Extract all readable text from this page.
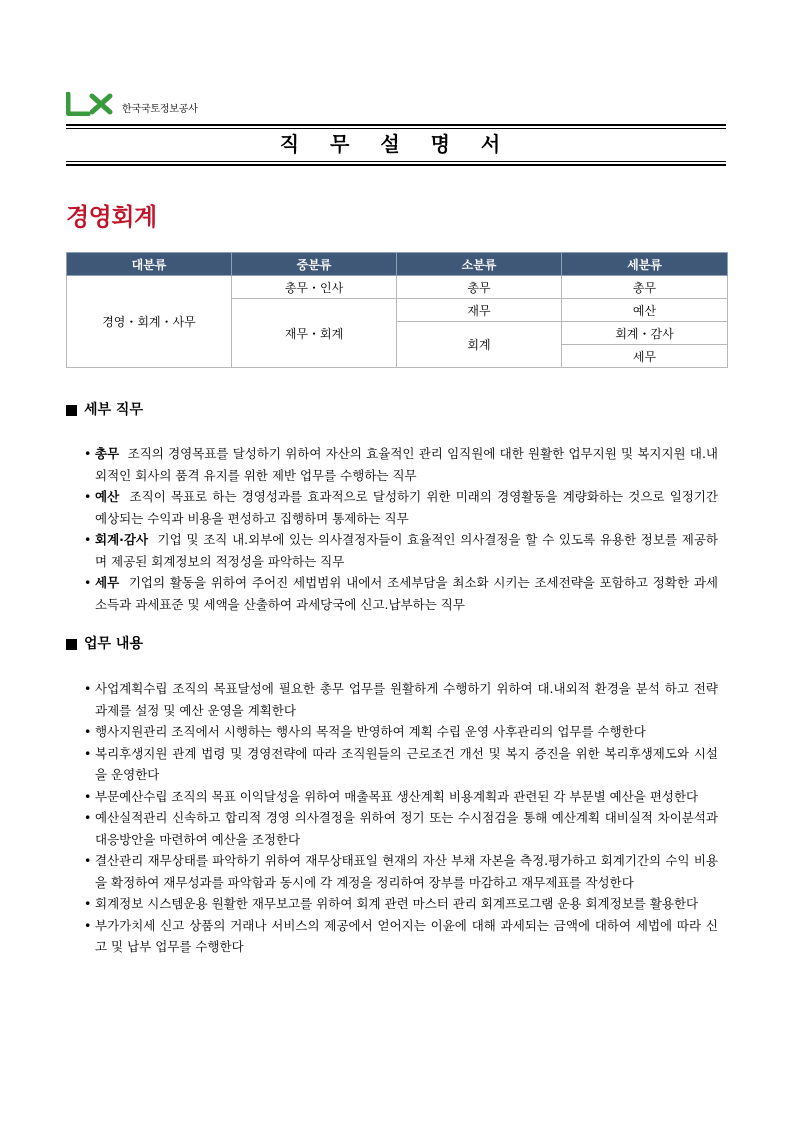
한국국토정보공사
직 무 설 명 서
경영회계
대분류	중분류	소분류	세분류
경영・회계・사무	총무・인사	총무	총무
	재무・회계	재무	예산
		회계	회계・감사
			세무
세부 직무
• 총무 조직의 경영목표를 달성하기 위하여 자산의 효율적인 관리 임직원에 대한 원활한 업무지원 및 복지지원 대.내외적인 회사의 품격 유지를 위한 제반 업무를 수행하는 직무
• 예산 조직이 목표로 하는 경영성과를 효과적으로 달성하기 위한 미래의 경영활동을 계량화하는 것으로 일정기간 예상되는 수익과 비용을 편성하고 집행하며 통제하는 직무
• 회계·감사 기업 및 조직 내.외부에 있는 의사결정자들이 효율적인 의사결정을 할 수 있도록 유용한 정보를 제공하며 제공된 회계정보의 적정성을 파악하는 직무
• 세무 기업의 활동을 위하여 주어진 세법범위 내에서 조세부담을 최소화 시키는 조세전략을 포함하고 정확한 과세소득과 과세표준 및 세액을 산출하여 과세당국에 신고.납부하는 직무
업무 내용
• 사업계획수립 조직의 목표달성에 필요한 총무 업무를 원활하게 수행하기 위하여 대.내외적 환경을 분석 하고 전략과제를 설정 및 예산 운영을 계획한다
• 행사지원관리 조직에서 시행하는 행사의 목적을 반영하여 계획 수립 운영 사후관리의 업무를 수행한다
• 복리후생지원 관계 법령 및 경영전략에 따라 조직원들의 근로조건 개선 및 복지 증진을 위한 복리후생제도와 시설을 운영한다
• 부문예산수립 조직의 목표 이익달성을 위하여 매출목표 생산계획 비용계획과 관련된 각 부문별 예산을 편성한다
• 예산실적관리 신속하고 합리적 경영 의사결정을 위하여 정기 또는 수시점검을 통해 예산계획 대비실적 차이분석과 대응방안을 마련하여 예산을 조정한다
• 결산관리 재무상태를 파악하기 위하여 재무상태표일 현재의 자산 부채 자본을 측정.평가하고 회계기간의 수익 비용을 확정하여 재무성과를 파악함과 동시에 각 계정을 정리하여 장부를 마감하고 재무제표를 작성한다
• 회계정보 시스템운용 원활한 재무보고를 위하여 회계 관련 마스터 관리 회계프로그램 운용 회계정보를 활용한다
• 부가가치세 신고 상품의 거래나 서비스의 제공에서 얻어지는 이윤에 대해 과세되는 금액에 대하여 세법에 따라 신고 및 납부 업무를 수행한다
